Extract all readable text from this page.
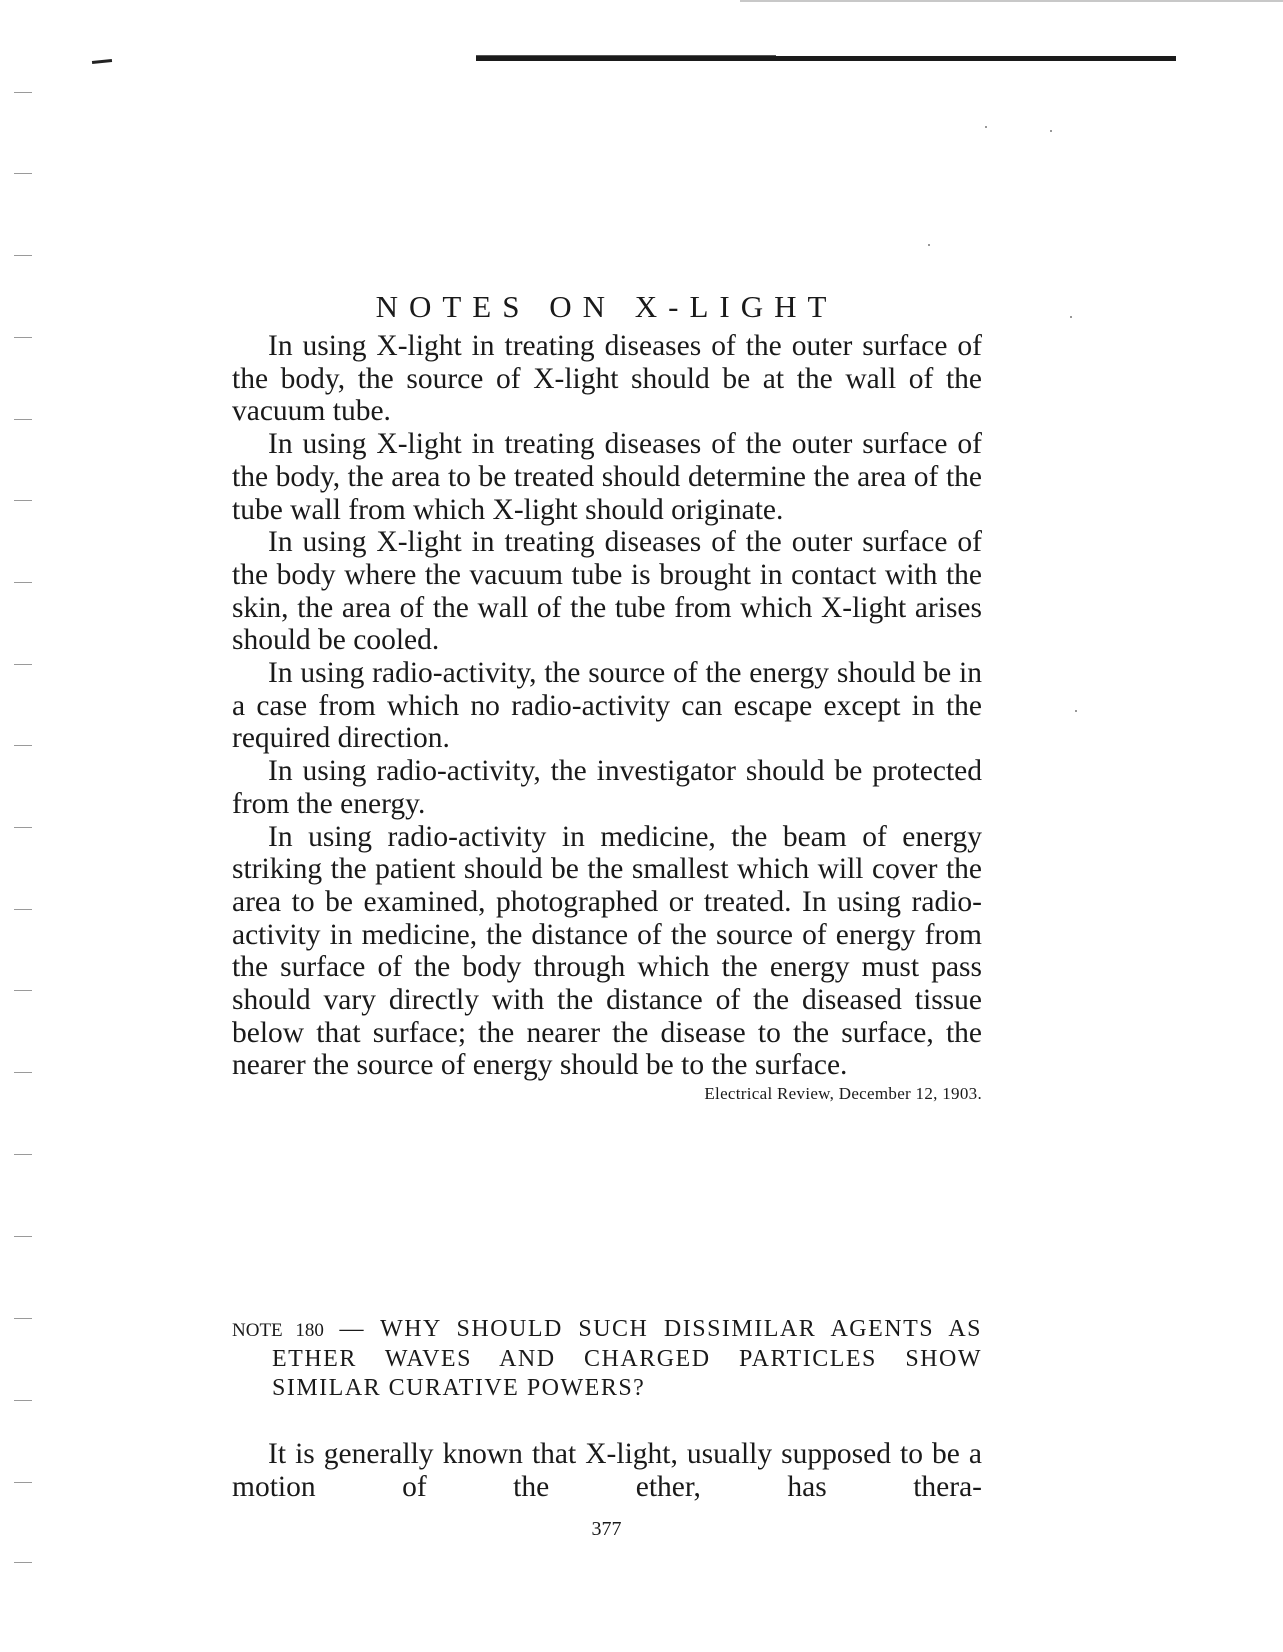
NOTES ON X-LIGHT

In using X-light in treating diseases of the outer surface of the body, the source of X-light should be at the wall of the vacuum tube.

In using X-light in treating diseases of the outer surface of the body, the area to be treated should determine the area of the tube wall from which X-light should originate.

In using X-light in treating diseases of the outer surface of the body where the vacuum tube is brought in contact with the skin, the area of the wall of the tube from which X-light arises should be cooled.

In using radio-activity, the source of the energy should be in a case from which no radio-activity can escape except in the required direction.

In using radio-activity, the investigator should be protected from the energy.

In using radio-activity in medicine, the beam of energy striking the patient should be the smallest which will cover the area to be examined, photographed or treated. In using radio-activity in medicine, the distance of the source of energy from the surface of the body through which the energy must pass should vary directly with the distance of the diseased tissue below that surface; the nearer the disease to the surface, the nearer the source of energy should be to the surface.

Electrical Review, December 12, 1903.
NOTE 180 — WHY SHOULD SUCH DISSIMILAR AGENTS AS ETHER WAVES AND CHARGED PARTICLES SHOW SIMILAR CURATIVE POWERS?

It is generally known that X-light, usually supposed to be a motion of the ether, has thera-

377
